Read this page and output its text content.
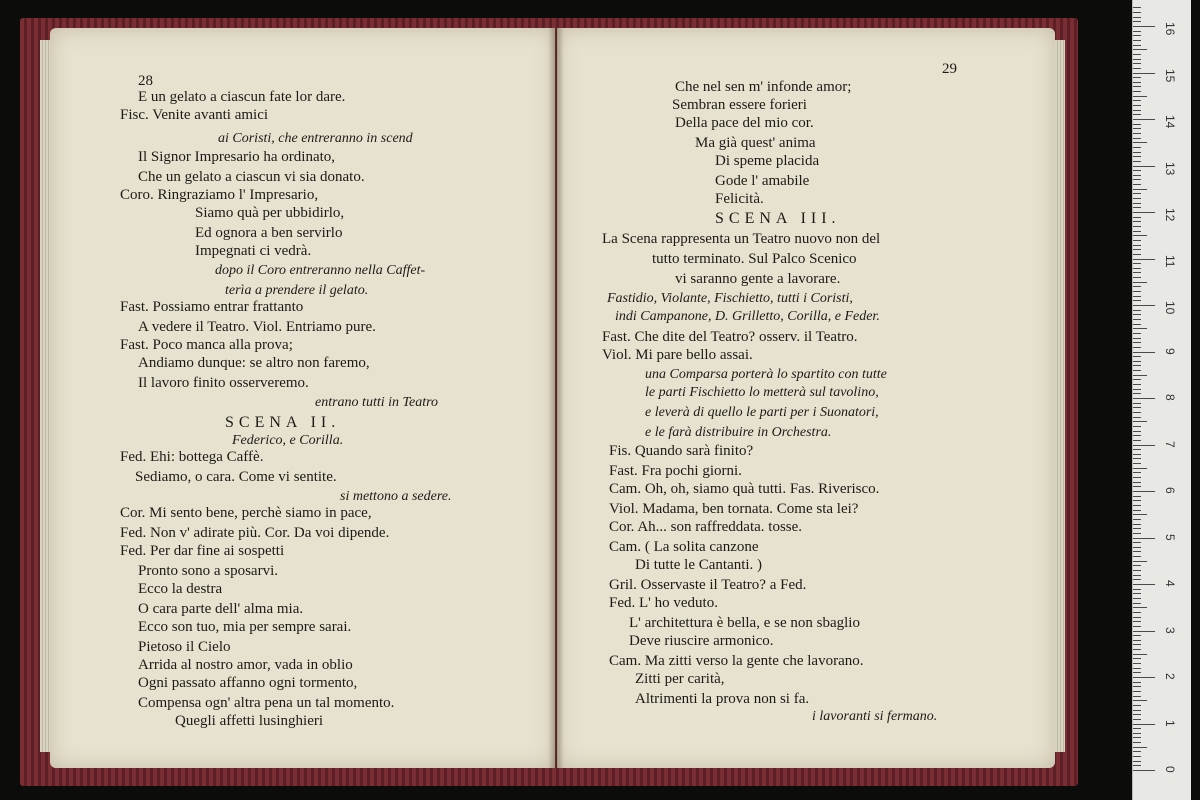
28
E un gelato a ciascun fate lor dare.
Fisc. Venite avanti amici
ai Coristi, che entreranno in scend
Il Signor Impresario ha ordinato,
Che un gelato a ciascun vi sia donato.
Coro. Ringraziamo l' Impresario,
Siamo quà per ubbidirlo,
Ed ognora a ben servirlo
Impegnati ci vedrà.
dopo il Coro entreranno nella Caffet-
terìa a prendere il gelato.
Fast. Possiamo entrar frattanto
A vedere il Teatro. Viol. Entriamo pure.
Fast. Poco manca alla prova;
Andiamo dunque: se altro non faremo,
Il lavoro finito osserveremo.
entrano tutti in Teatro
SCENA II.
Federico, e Corilla.
Fed. Ehi: bottega Caffè.
Sediamo, o cara. Come vi sentite.
si mettono a sedere.
Cor. Mi sento bene, perchè siamo in pace,
Fed. Non v' adirate più. Cor. Da voi dipende.
Fed. Per dar fine ai sospetti
Pronto sono a sposarvi.
Ecco la destra
O cara parte dell' alma mia.
Ecco son tuo, mia per sempre sarai.
Pietoso il Cielo
Arrida al nostro amor, vada in oblio
Ogni passato affanno ogni tormento,
Compensa ogn' altra pena un tal momento.
Quegli affetti lusinghieri
29
Che nel sen m' infonde amor;
Sembran essere forieri
Della pace del mio cor.
Ma già quest' anima
Di speme placida
Gode l' amabile
Felicità.
SCENA III.
La Scena rappresenta un Teatro nuovo non del
tutto terminato. Sul Palco Scenico
vi saranno gente a lavorare.
Fastidio, Violante, Fischietto, tutti i Coristi,
indi Campanone, D. Grilletto, Corilla, e Feder.
Fast. Che dite del Teatro? osserv. il Teatro.
Viol. Mi pare bello assai.
una Comparsa porterà lo spartito con tutte
le parti Fischietto lo metterà sul tavolino,
e leverà di quello le parti per i Suonatori,
e le farà distribuire in Orchestra.
Fis. Quando sarà finito?
Fast. Fra pochi giorni.
Cam. Oh, oh, siamo quà tutti. Fas. Riverisco.
Viol. Madama, ben tornata. Come sta lei?
Cor. Ah... son raffreddata. tosse.
Cam. ( La solita canzone
Di tutte le Cantanti. )
Gril. Osservaste il Teatro? a Fed.
Fed. L' ho veduto.
L' architettura è bella, e se non sbaglio
Deve riuscire armonico.
Cam. Ma zitti verso la gente che lavorano.
Zitti per carità,
Altrimenti la prova non si fa.
i lavoranti si fermano.
0
1
2
3
4
5
6
7
8
9
10
11
12
13
14
15
16
